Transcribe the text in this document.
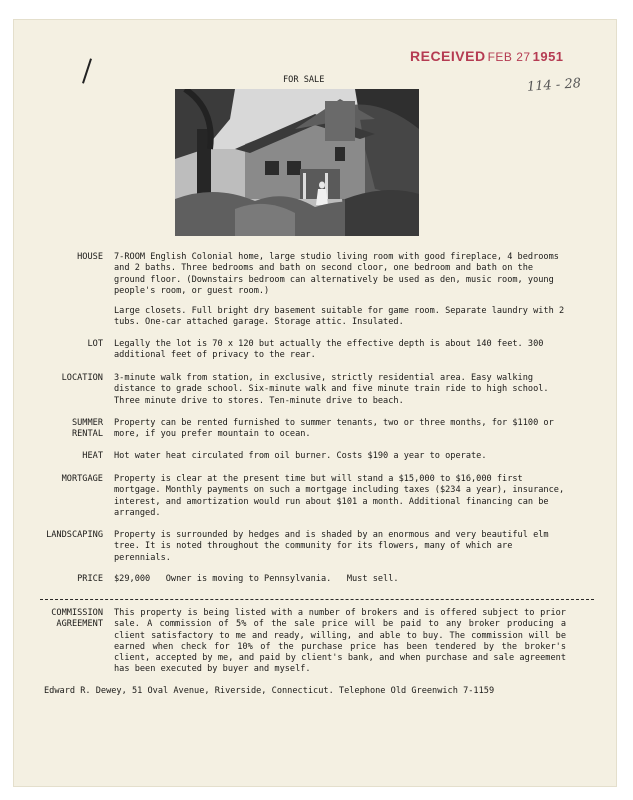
RECEIVED FEB 27 1951
114 - 28
FOR SALE
HOUSE 7-ROOM English Colonial home, large studio living room with good fireplace, 4 bedrooms and 2 baths. Three bedrooms and bath on second cloor, one bedroom and bath on the ground floor. (Downstairs bedroom can alternatively be used as den, music room, young people's room, or guest room.)
Large closets. Full bright dry basement suitable for game room. Separate laundry with 2 tubs. One-car attached garage. Storage attic. Insulated.
LOT Legally the lot is 70 x 120 but actually the effective depth is about 140 feet. 300 additional feet of privacy to the rear.
LOCATION 3-minute walk from station, in exclusive, strictly residential area. Easy walking distance to grade school. Six-minute walk and five minute train ride to high school. Three minute drive to stores. Ten-minute drive to beach.
SUMMER
RENTAL
Property can be rented furnished to summer tenants, two or three months, for $1100 or more, if you prefer mountain to ocean.
HEAT Hot water heat circulated from oil burner. Costs $190 a year to operate.
MORTGAGE Property is clear at the present time but will stand a $15,000 to $16,000 first mortgage. Monthly payments on such a mortgage including taxes ($234 a year), insurance, interest, and amortization would run about $101 a month. Additional financing can be arranged.
LANDSCAPING Property is surrounded by hedges and is shaded by an enormous and very beautiful elm tree. It is noted throughout the community for its flowers, many of which are perennials.
PRICE $29,000   Owner is moving to Pennsylvania.   Must sell.
COMMISSION
AGREEMENT
This property is being listed with a number of brokers and is offered subject to prior sale. A commission of 5% of the sale price will be paid to any broker producing a client satisfactory to me and ready, willing, and able to buy. The commission will be earned when check for 10% of the purchase price has been tendered by the broker's client, accepted by me, and paid by client's bank, and when purchase and sale agreement has been executed by buyer and myself.
Edward R. Dewey, 51 Oval Avenue, Riverside, Connecticut. Telephone Old Greenwich 7-1159
